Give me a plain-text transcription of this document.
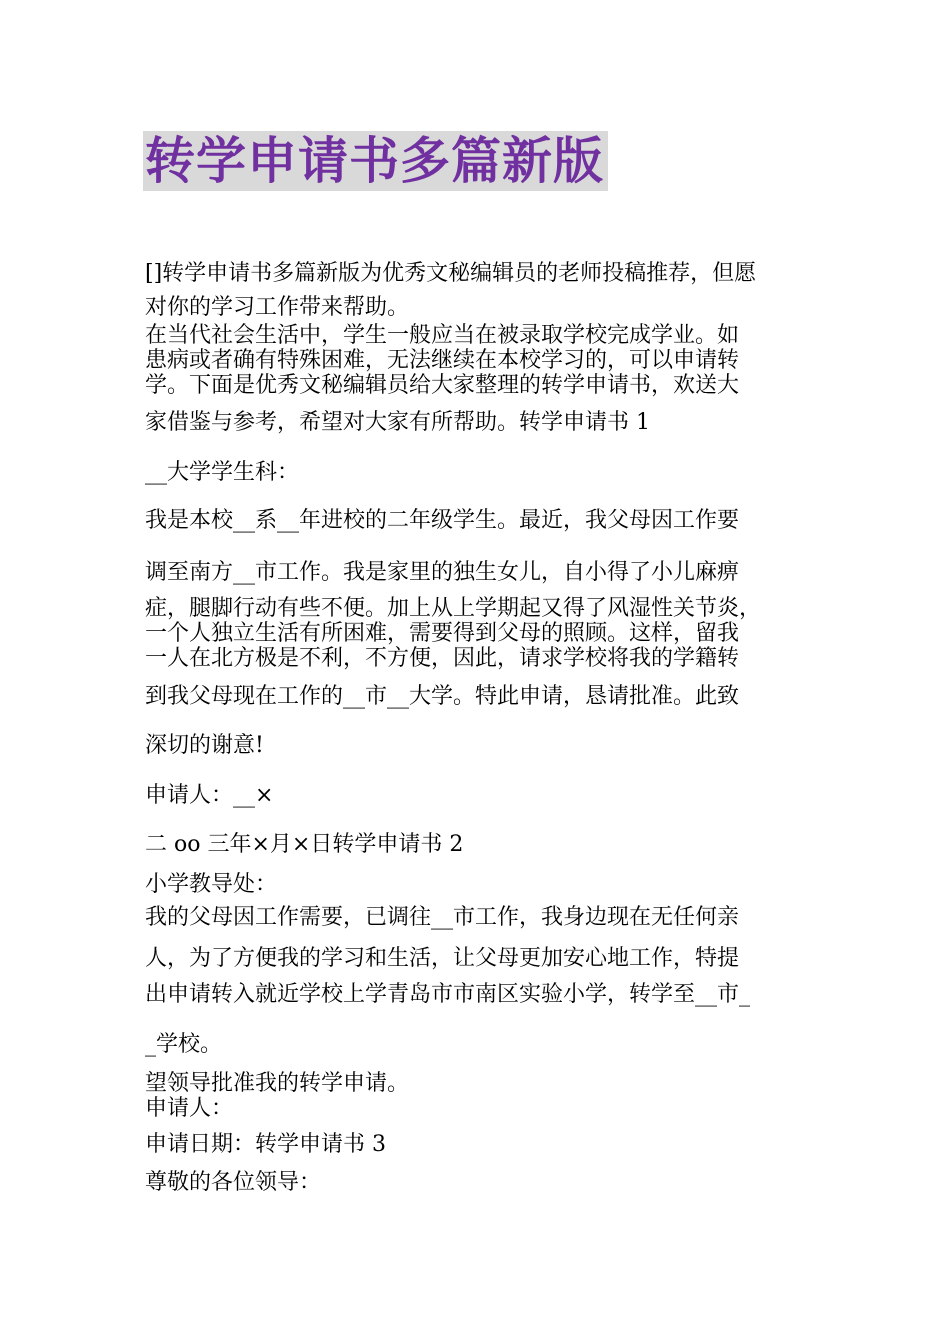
转学申请书多篇新版
[]转学申请书多篇新版为优秀文秘编辑员的老师投稿推荐，但愿
对你的学习工作带来帮助。
在当代社会生活中，学生一般应当在被录取学校完成学业。如
患病或者确有特殊困难，无法继续在本校学习的，可以申请转
学。下面是优秀文秘编辑员给大家整理的转学申请书，欢送大
家借鉴与参考，希望对大家有所帮助。转学申请书 1
__大学学生科：
我是本校__系__年进校的二年级学生。最近，我父母因工作要
调至南方__市工作。我是家里的独生女儿，自小得了小儿麻痹
症，腿脚行动有些不便。加上从上学期起又得了风湿性关节炎，
一个人独立生活有所困难，需要得到父母的照顾。这样，留我
一人在北方极是不利，不方便，因此，请求学校将我的学籍转
到我父母现在工作的__市__大学。特此申请，恳请批准。此致
深切的谢意!
申请人：__×
二 oo 三年×月×日转学申请书 2
小学教导处：
我的父母因工作需要，已调往__市工作，我身边现在无任何亲
人，为了方便我的学习和生活，让父母更加安心地工作，特提
出申请转入就近学校上学青岛市市南区实验小学，转学至__市_
_学校。
望领导批准我的转学申请。
申请人：
申请日期：转学申请书 3
尊敬的各位领导：
